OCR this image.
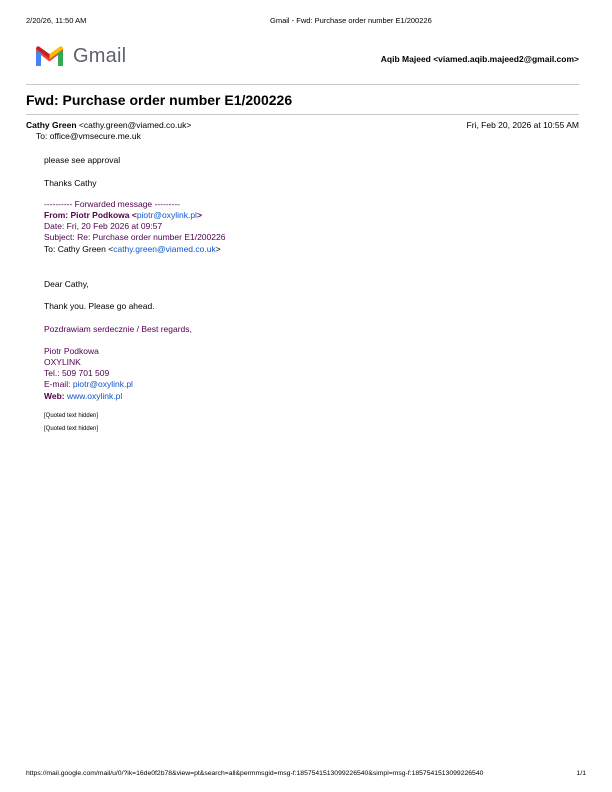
2/20/26, 11:50 AM	Gmail - Fwd: Purchase order number E1/200226
Gmail	Aqib Majeed <viamed.aqib.majeed2@gmail.com>
Fwd: Purchase order number E1/200226
Cathy Green <cathy.green@viamed.co.uk>	Fri, Feb 20, 2026 at 10:55 AM
To: office@vmsecure.me.uk
please see approval
Thanks Cathy
---------- Forwarded message ---------
From: Piotr Podkowa <piotr@oxylink.pl>
Date: Fri, 20 Feb 2026 at 09:57
Subject: Re: Purchase order number E1/200226
To: Cathy Green <cathy.green@viamed.co.uk>
Dear Cathy,
Thank you. Please go ahead.
Pozdrawiam serdecznie / Best regards,
Piotr Podkowa
OXYLINK
Tel.: 509 701 509
E-mail: piotr@oxylink.pl
Web: www.oxylink.pl
[Quoted text hidden]
[Quoted text hidden]
https://mail.google.com/mail/u/0/?ik=16de0f2b78&view=pt&search=all&permmsgid=msg-f:1857541513099226540&simpl=msg-f:1857541513099226540	1/1
